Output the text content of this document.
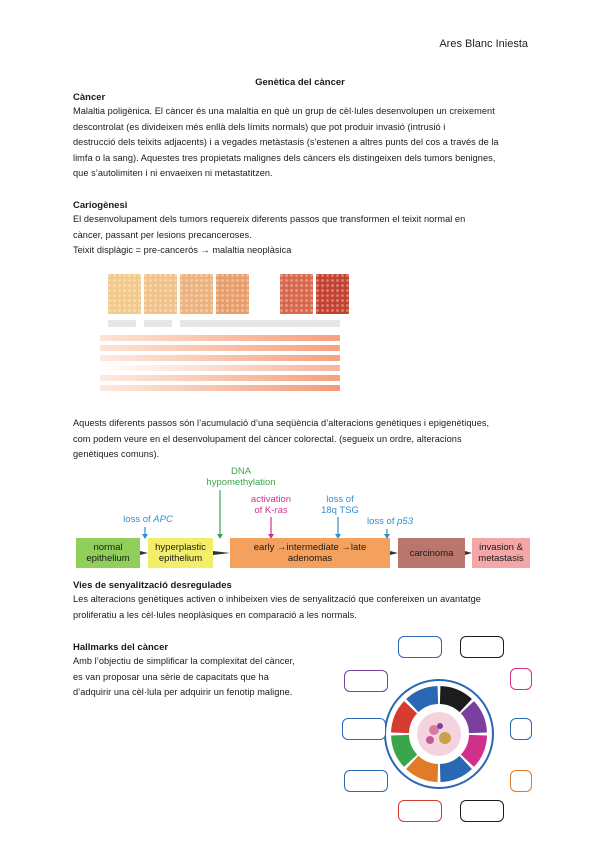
Ares Blanc Iniesta
Genètica del càncer
Càncer
Malaltia poligènica. El càncer és una malaltia en què un grup de cèl·lules desenvolupen un creixement
descontrolat (es divideixen més enllà dels límits normals) que pot produir invasió (intrusió i
destrucció dels teixits adjacents) i a vegades metàstasis (s’estenen a altres punts del cos a través de la
limfa o la sang). Aquestes tres propietats malignes dels càncers els distingeixen dels tumors benignes,
que s’autolimiten i ni envaeixen ni metastatitzen.
Cariogènesi
El desenvolupament dels tumors requereix diferents passos que transformen el teixit normal en
càncer, passant per lesions precanceroses.
Teixit displàgic = pre-cancerós → malaltia neoplàsica
·
Aquests diferents passos són l’acumulació d’una seqüència d’alteracions genètiques i epigenètiques,
com podem veure en el desenvolupament del càncer colorectal. (segueix un ordre, alteracions
genètiques comuns).
DNA
hypomethylation
activation
of K-ras
loss of
18q TSG
loss of APC	loss of p53
normal
epithelium
hyperplastic
epithelium
early →intermediate →late
adenomas	carcinoma	invasion &
metastasis
Vies de senyalització desregulades
Les alteracions genètiques activen o inhibeixen vies de senyalització que confereixen un avantatge
proliferatiu a les cèl·lules neoplàsiques en comparació a les normals.
Hallmarks del càncer
Amb l’objectiu de simplificar la complexitat del càncer,
es van proposar una sèrie de capacitats que ha
d’adquirir una cèl·lula per adquirir un fenotip maligne.
